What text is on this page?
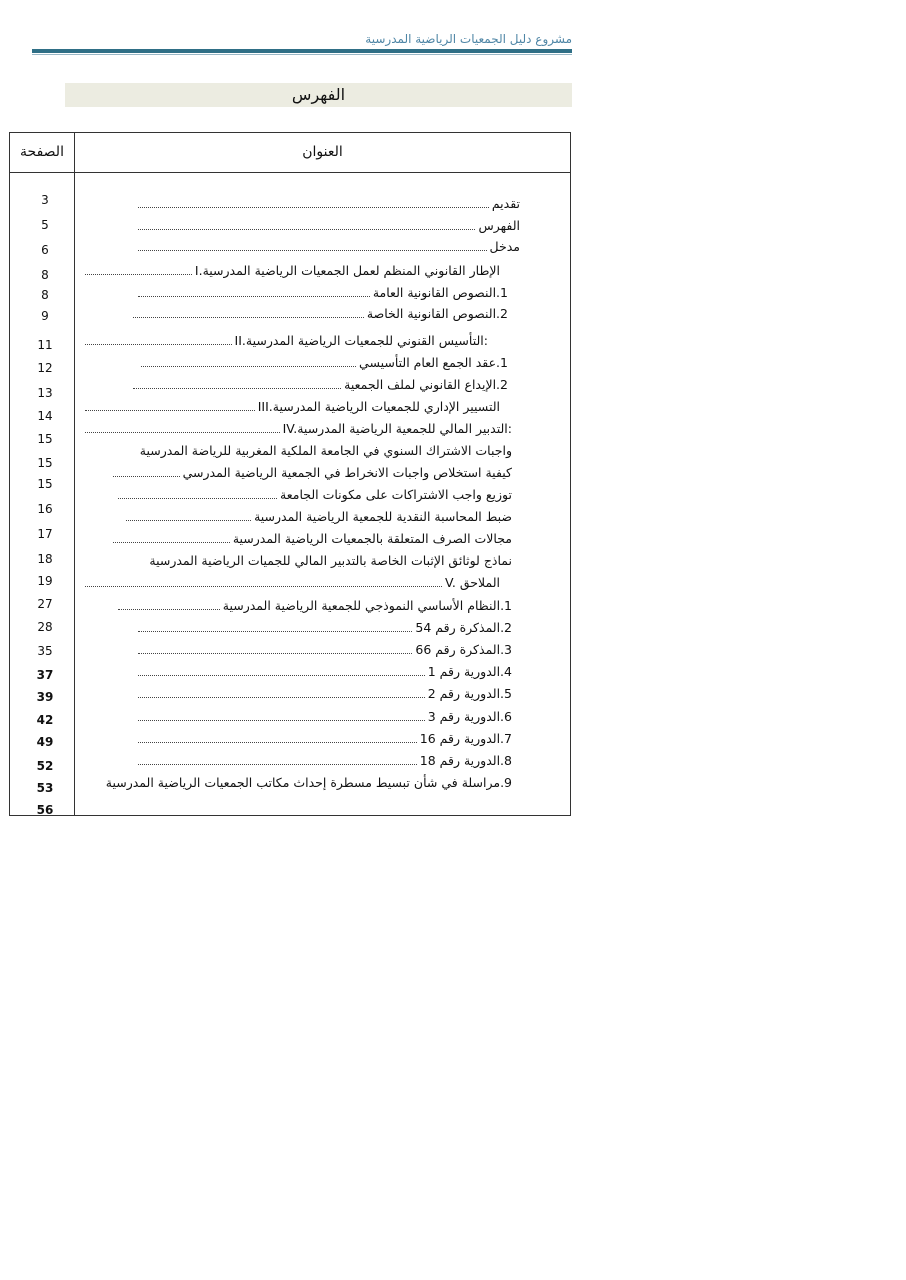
مشروع دليل الجمعيات الرياضية المدرسية
الفهرس
الصفحة	العنوان
3
5
6
8
8
9
11
12
13
14
15
15
15
16
17
18
19
27
28
35
37
39
42
49
52
53
56
تقديم
الفهرس
مدخل
I.الإطار القانوني المنظم لعمل الجمعيات الرياضية المدرسية
1.النصوص القانونية العامة
2.النصوص القانونية الخاصة
II.التأسيس القنوني للجمعيات الرياضية المدرسية:
1.عقد الجمع العام التأسيسي
2.الإيداع القانوني لملف الجمعية
III.التسيير الإداري للجمعيات الرياضية المدرسية
IV.التدبير المالي للجمعية الرياضية المدرسية:
واجبات الاشتراك السنوي في الجامعة الملكية المغربية للرياضة المدرسية
كيفية استخلاص واجبات الانخراط في الجمعية الرياضية المدرسي
توزيع واجب الاشتراكات على مكونات الجامعة
ضبط المحاسبة النقدية للجمعية الرياضية المدرسية
مجالات الصرف المتعلقة بالجمعيات الرياضية المدرسية
نماذج لوثائق الإثبات الخاصة بالتدبير المالي للجميات الرياضية المدرسية
V. الملاحق
1.النظام الأساسي النموذجي للجمعية الرياضية المدرسية
2.المذكرة رقم 54
3.المذكرة رقم 66
4.الدورية رقم 1
5.الدورية رقم 2
6.الدورية رقم 3
7.الدورية رقم 16
8.الدورية رقم 18
9.مراسلة في شأن تبسيط مسطرة إحداث مكاتب الجمعيات الرياضية المدرسية
